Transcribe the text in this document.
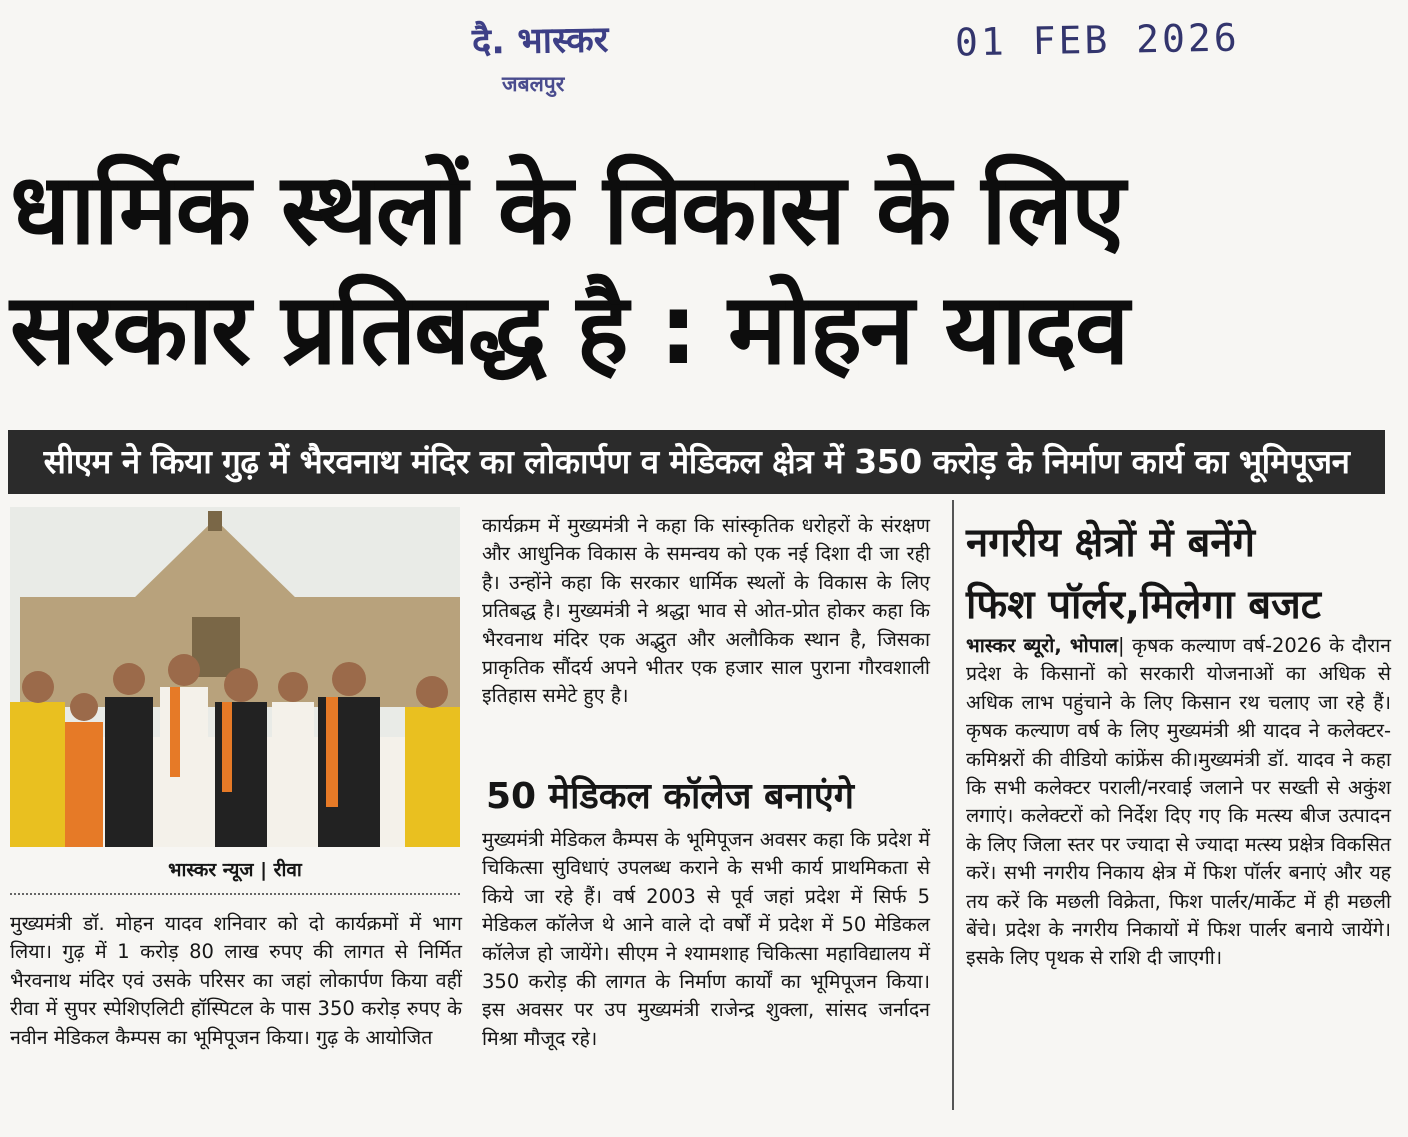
दै. भास्कर
जबलपुर
01 FEB 2026
धार्मिक स्थलों के विकास के लिए
सरकार प्रतिबद्ध है : मोहन यादव
सीएम ने किया गुढ़ में भैरवनाथ मंदिर का लोकार्पण व मेडिकल क्षेत्र में 350 करोड़ के निर्माण कार्य का भूमिपूजन
भास्कर न्यूज | रीवा

मुख्यमंत्री डॉ. मोहन यादव शनिवार को दो कार्यक्रमों में भाग लिया। गुढ़ में 1 करोड़ 80 लाख रुपए की लागत से निर्मित भैरवनाथ मंदिर एवं उसके परिसर का जहां लोकार्पण किया वहीं रीवा में सुपर स्पेशिएलिटी हॉस्पिटल के पास 350 करोड़ रुपए के नवीन मेडिकल कैम्पस का भूमिपूजन किया। गुढ़ के आयोजित

कार्यक्रम में मुख्यमंत्री ने कहा कि सांस्कृतिक धरोहरों के संरक्षण और आधुनिक विकास के समन्वय को एक नई दिशा दी जा रही है। उन्होंने कहा कि सरकार धार्मिक स्थलों के विकास के लिए प्रतिबद्ध है। मुख्यमंत्री ने श्रद्धा भाव से ओत-प्रोत होकर कहा कि भैरवनाथ मंदिर एक अद्भुत और अलौकिक स्थान है, जिसका प्राकृतिक सौंदर्य अपने भीतर एक हजार साल पुराना गौरवशाली इतिहास समेटे हुए है।

50 मेडिकल कॉलेज बनाएंगे

मुख्यमंत्री मेडिकल कैम्पस के भूमिपूजन अवसर कहा कि प्रदेश में चिकित्सा सुविधाएं उपलब्ध कराने के सभी कार्य प्राथमिकता से किये जा रहे हैं। वर्ष 2003 से पूर्व जहां प्रदेश में सिर्फ 5 मेडिकल कॉलेज थे आने वाले दो वर्षों में प्रदेश में 50 मेडिकल कॉलेज हो जायेंगे। सीएम ने श्यामशाह चिकित्सा महाविद्यालय में 350 करोड़ की लागत के निर्माण कार्यों का भूमिपूजन किया। इस अवसर पर उप मुख्यमंत्री राजेन्द्र शुक्ला, सांसद जर्नादन मिश्रा मौजूद रहे।

नगरीय क्षेत्रों में बनेंगे
फिश पॉर्लर,मिलेगा बजट

भास्कर ब्यूरो, भोपाल| कृषक कल्याण वर्ष-2026 के दौरान प्रदेश के किसानों को सरकारी योजनाओं का अधिक से अधिक लाभ पहुंचाने के लिए किसान रथ चलाए जा रहे हैं। कृषक कल्याण वर्ष के लिए मुख्यमंत्री श्री यादव ने कलेक्टर-कमिश्नरों की वीडियो कांफ्रेंस की।मुख्यमंत्री डॉ. यादव ने कहा कि सभी कलेक्टर पराली/नरवाई जलाने पर सख्ती से अकुंश लगाएं। कलेक्टरों को निर्देश दिए गए कि मत्स्य बीज उत्पादन के लिए जिला स्तर पर ज्यादा से ज्यादा मत्स्य प्रक्षेत्र विकसित करें। सभी नगरीय निकाय क्षेत्र में फिश पॉर्लर बनाएं और यह तय करें कि मछली विक्रेता, फिश पार्लर/मार्केट में ही मछली बेंचे। प्रदेश के नगरीय निकायों में फिश पार्लर बनाये जायेंगे। इसके लिए पृथक से राशि दी जाएगी।
